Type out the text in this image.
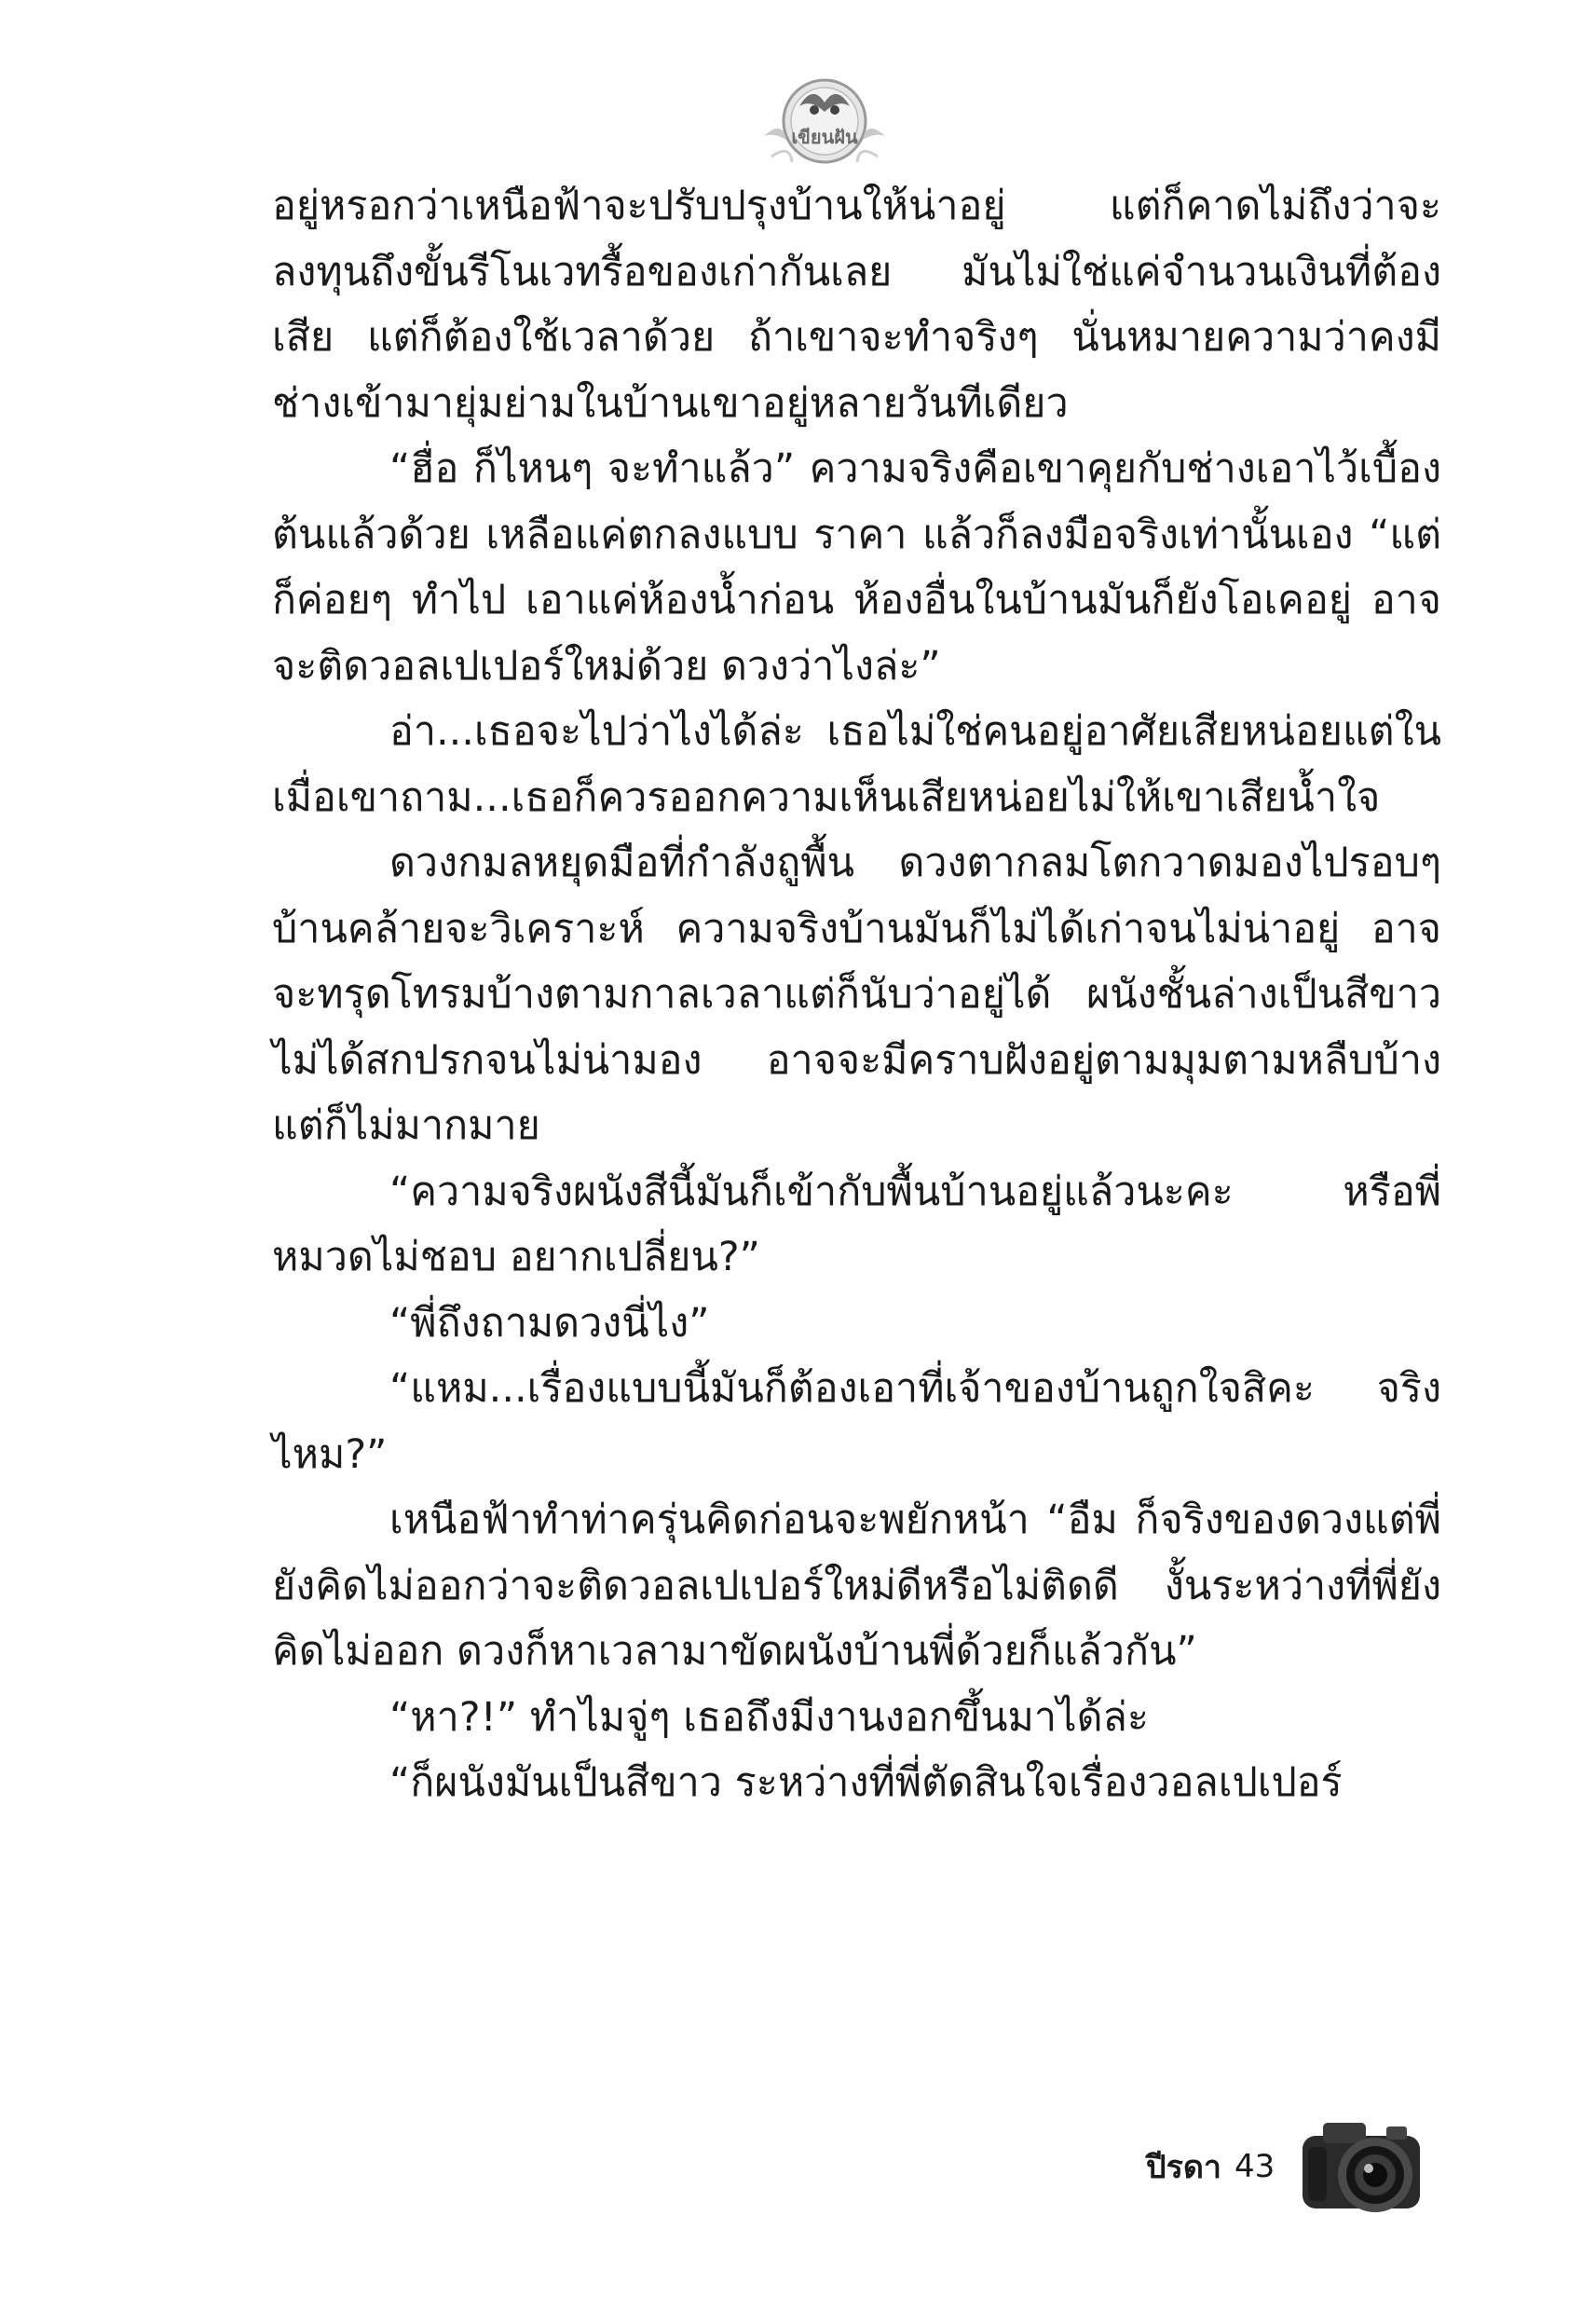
เขียนฝัน

อยู่หรอกว่าเหนือฟ้าจะปรับปรุงบ้านให้น่าอยู่ แต่ก็คาดไม่ถึงว่าจะลงทุนถึงขั้นรีโนเวทรื้อของเก่ากันเลย มันไม่ใช่แค่จำนวนเงินที่ต้องเสีย แต่ก็ต้องใช้เวลาด้วย ถ้าเขาจะทำจริงๆ นั่นหมายความว่าคงมีช่างเข้ามายุ่มย่ามในบ้านเขาอยู่หลายวันทีเดียว

“ฮื่อ ก็ไหนๆ จะทำแล้ว” ความจริงคือเขาคุยกับช่างเอาไว้เบื้องต้นแล้วด้วย เหลือแค่ตกลงแบบ ราคา แล้วก็ลงมือจริงเท่านั้นเอง “แต่ก็ค่อยๆ ทำไป เอาแค่ห้องน้ำก่อน ห้องอื่นในบ้านมันก็ยังโอเคอยู่ อาจจะติดวอลเปเปอร์ใหม่ด้วย ดวงว่าไงล่ะ”

อ่า...เธอจะไปว่าไงได้ล่ะ เธอไม่ใช่คนอยู่อาศัยเสียหน่อยแต่ในเมื่อเขาถาม...เธอก็ควรออกความเห็นเสียหน่อยไม่ให้เขาเสียน้ำใจ

ดวงกมลหยุดมือที่กำลังถูพื้น ดวงตากลมโตกวาดมองไปรอบๆ บ้านคล้ายจะวิเคราะห์ ความจริงบ้านมันก็ไม่ได้เก่าจนไม่น่าอยู่ อาจจะทรุดโทรมบ้างตามกาลเวลาแต่ก็นับว่าอยู่ได้ ผนังชั้นล่างเป็นสีขาว ไม่ได้สกปรกจนไม่น่ามอง อาจจะมีคราบฝังอยู่ตามมุมตามหลืบบ้าง แต่ก็ไม่มากมาย

“ความจริงผนังสีนี้มันก็เข้ากับพื้นบ้านอยู่แล้วนะคะ หรือพี่หมวดไม่ชอบ อยากเปลี่ยน?”

“พี่ถึงถามดวงนี่ไง”

“แหม...เรื่องแบบนี้มันก็ต้องเอาที่เจ้าของบ้านถูกใจสิคะ จริงไหม?”

เหนือฟ้าทำท่าครุ่นคิดก่อนจะพยักหน้า “อืม ก็จริงของดวงแต่พี่ยังคิดไม่ออกว่าจะติดวอลเปเปอร์ใหม่ดีหรือไม่ติดดี งั้นระหว่างที่พี่ยังคิดไม่ออก ดวงก็หาเวลามาขัดผนังบ้านพี่ด้วยก็แล้วกัน”

“หา?!” ทำไมจู่ๆ เธอถึงมีงานงอกขึ้นมาได้ล่ะ

“ก็ผนังมันเป็นสีขาว ระหว่างที่พี่ตัดสินใจเรื่องวอลเปเปอร์

ปีรดา 43
